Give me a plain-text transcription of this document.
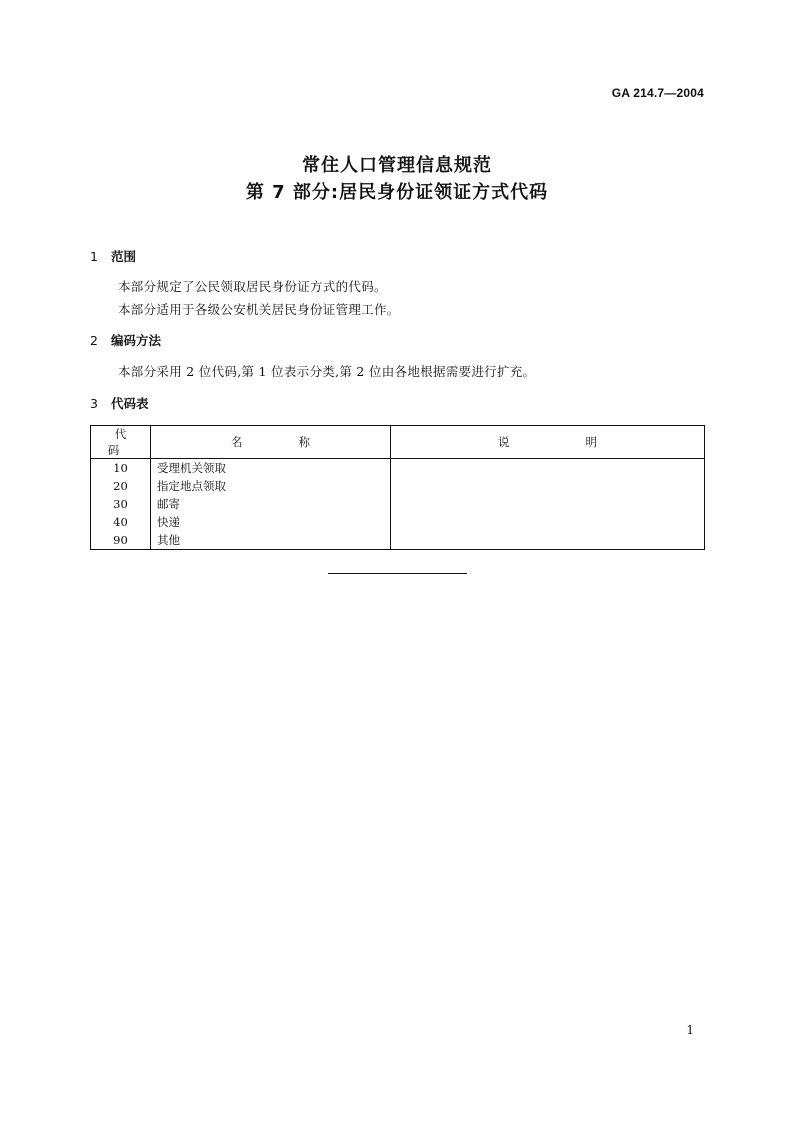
GA 214.7—2004
常住人口管理信息规范
第 7 部分:居民身份证领证方式代码
1 范围
本部分规定了公民领取居民身份证方式的代码。
本部分适用于各级公安机关居民身份证管理工作。
2 编码方法
本部分采用 2 位代码,第 1 位表示分类,第 2 位由各地根据需要进行扩充。
3 代码表
代码	名称	说明
10	受理机关领取	
20	指定地点领取	
30	邮寄	
40	快递	
90	其他	
1
